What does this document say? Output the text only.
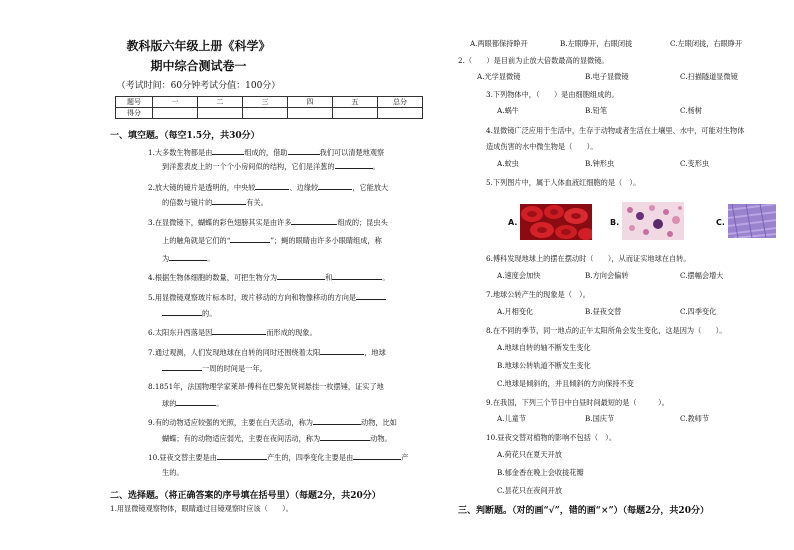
教科版六年级上册《科学》
期中综合测试卷一
（考试时间：60分钟考试分值：100分）
题号	一	二	三	四	五	总分
得分						
一、填空题。（每空1.5分，共30分）
1.大多数生物都是由	组成的，借助	我们可以清楚地观察
到洋葱表皮上的一个个小房间似的结构，它们是洋葱的	。
2.放大镜的镜片是透明的，中央较	、边缘较	，它能放大
的倍数与镜片的	有关。
3.在显微镜下，蝴蝶的彩色翅膀其实是由许多	组成的；昆虫头
上的触角就是它们的“	”；蝇的眼睛由许多小眼睛组成，称
为	。
4.根据生物体细胞的数量，可把生物分为	和	。
5.用显微镜观察玻片标本时，玻片移动的方向和物像移动的方向是
的。
6.太阳东升西落是因	而形成的现象。
7.通过观测，人们发现地球在自转的同时还围绕着太阳	，地球
一周的时间是一年。
8.1851年，法国物理学家莱昂·傅科在巴黎先贤祠悬挂一枚摆锤，证实了地
球的	。
9.有的动物适应较强的光照，主要在白天活动，称为	动物，比如
蝴蝶；有的动物适应弱光，主要在夜间活动，称为	动物。
10.昼夜交替主要是由	产生的，四季变化主要是由	产
生的。
二、选择题。（将正确答案的序号填在括号里）（每题2分，共20分）
1.用显微镜观察物体，眼睛通过目镜观察时应该（　　）。
A.两眼都保持睁开	B.左眼睁开，右眼闭拢	C.左眼闭拢，右眼睁开
2.（　　）是目前为止放大倍数最高的显微镜。
A.光学显微镜	B.电子显微镜	C.扫描隧道显微镜
3.下列物体中，（　　）是由细胞组成的。
A.蜗牛	B.铅笔	C.杨树
4.显微镜广泛应用于生活中，生存于动物或者生活在土壤里、水中，可能对生物体
造成伤害的水中微生物是（　　）。
A.蚊虫	B.钟形虫	C.变形虫
5.下列图片中，属于人体血液红细胞的是（　）。
A.	B.	C.
6.傅科发现地球上的摆在摆动时（　　），从而证实地球在自转。
A.速度会加快	B.方向会偏转	C.摆幅会增大
7.地球公转产生的现象是（　）。
A.月相变化	B.昼夜交替	C.四季变化
8.在不同的季节，同一地点的正午太阳所角会发生变化，这是因为（　　）。
A.地球自转的轴不断发生变化
B.地球公转轨道不断发生变化
C.地球是倾斜的，并且倾斜的方向保持不变
9.在我国，下列三个节日中白昼时间最短的是（　　　）。
A.儿童节	B.国庆节	C.教师节
10.昼夜交替对植物的影响不包括（　）。
A.荷花只在夏天开放
B.郁金香在晚上会收拢花瓣
C.昙花只在夜间开放
三、判断题。（对的画“√”，错的画“×”）（每题2分，共20分）
